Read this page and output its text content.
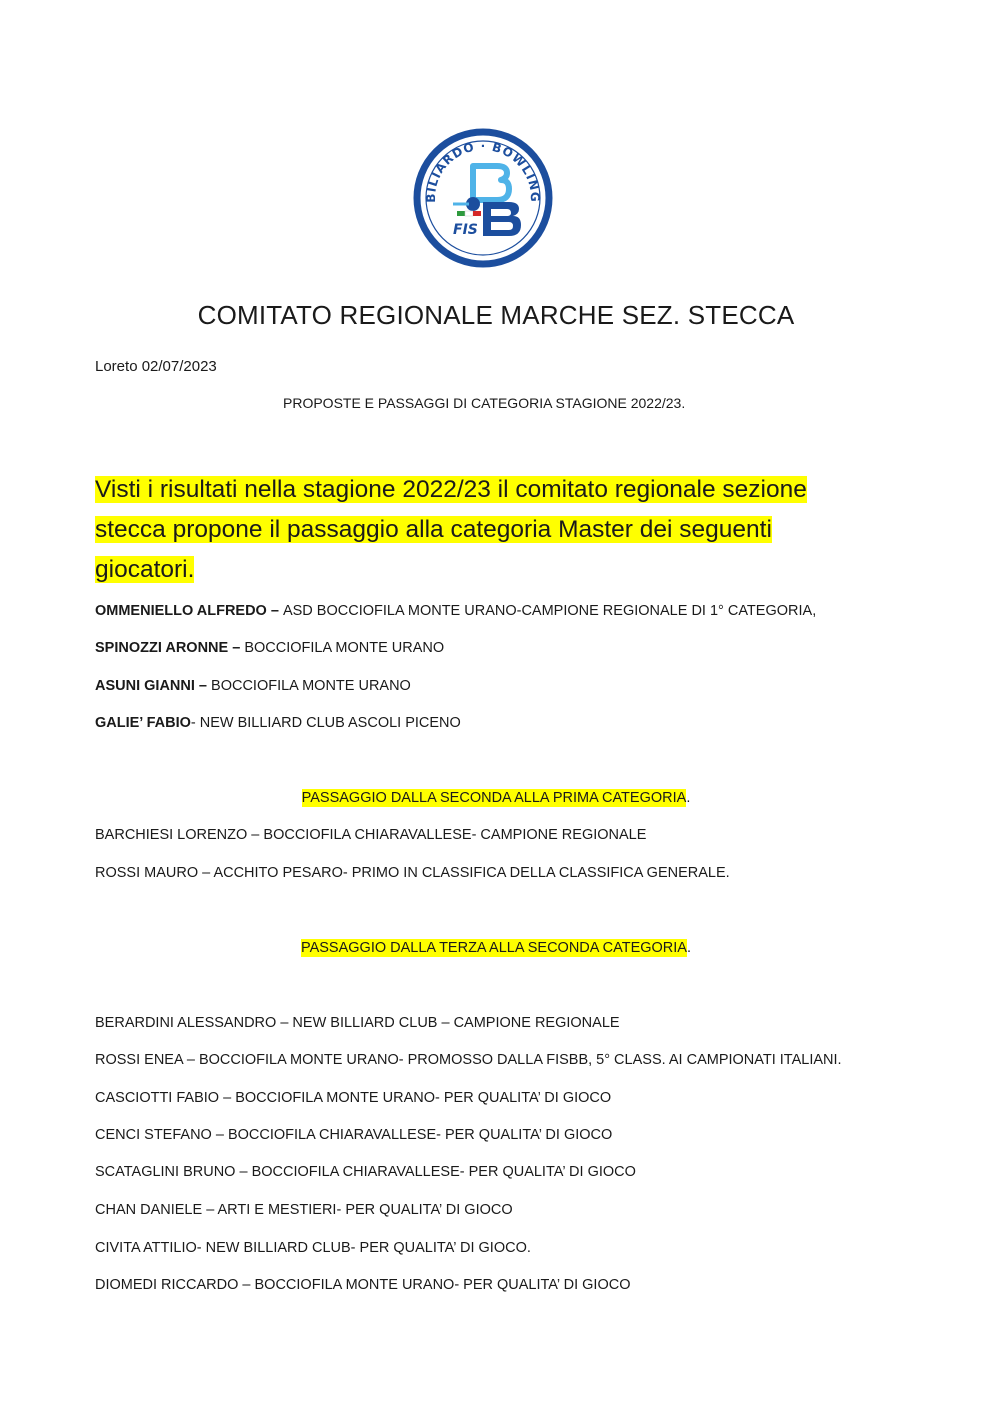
BILIARDO · BOWLING
FIS
COMITATO REGIONALE MARCHE SEZ. STECCA
Loreto 02/07/2023
PROPOSTE E PASSAGGI DI CATEGORIA STAGIONE 2022/23.
Visti i risultati nella stagione 2022/23 il comitato regionale sezione stecca propone il passaggio alla categoria Master dei seguenti giocatori.
OMMENIELLO ALFREDO – ASD BOCCIOFILA MONTE URANO-CAMPIONE REGIONALE DI 1° CATEGORIA,
SPINOZZI ARONNE – BOCCIOFILA MONTE URANO
ASUNI GIANNI – BOCCIOFILA MONTE URANO
GALIE’ FABIO- NEW BILLIARD CLUB ASCOLI PICENO
PASSAGGIO DALLA SECONDA ALLA PRIMA CATEGORIA.
BARCHIESI LORENZO – BOCCIOFILA CHIARAVALLESE- CAMPIONE REGIONALE
ROSSI MAURO – ACCHITO PESARO- PRIMO IN CLASSIFICA DELLA CLASSIFICA GENERALE.
PASSAGGIO DALLA TERZA ALLA SECONDA CATEGORIA.
BERARDINI ALESSANDRO – NEW BILLIARD CLUB – CAMPIONE REGIONALE
ROSSI ENEA – BOCCIOFILA MONTE URANO- PROMOSSO DALLA FISBB, 5° CLASS. AI CAMPIONATI ITALIANI.
CASCIOTTI FABIO – BOCCIOFILA MONTE URANO- PER QUALITA’ DI GIOCO
CENCI STEFANO – BOCCIOFILA CHIARAVALLESE- PER QUALITA’ DI GIOCO
SCATAGLINI BRUNO – BOCCIOFILA CHIARAVALLESE- PER QUALITA’ DI GIOCO
CHAN DANIELE – ARTI E MESTIERI- PER QUALITA’ DI GIOCO
CIVITA ATTILIO- NEW BILLIARD CLUB- PER QUALITA’ DI GIOCO.
DIOMEDI RICCARDO – BOCCIOFILA MONTE URANO- PER QUALITA’ DI GIOCO
